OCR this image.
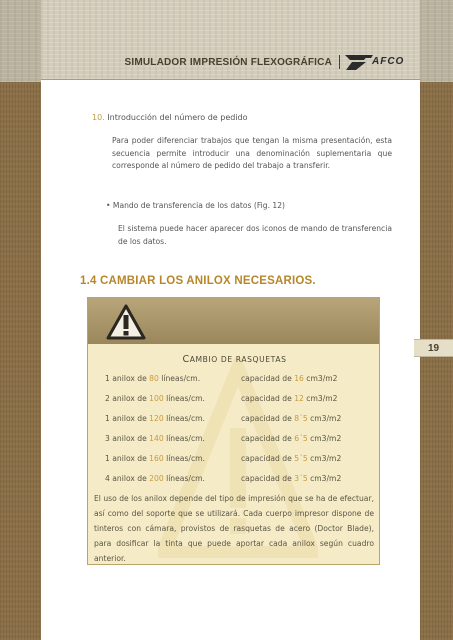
SIMULADOR IMPRESIÓN FLEXOGRÁFICA	AFCO
10. Introducción del número de pedido

Para poder diferenciar trabajos que tengan la misma presentación, esta secuencia permite introducir una denominación suplementaria que corresponde al número de pedido del trabajo a transferir.

• Mando de transferencia de los datos (Fig. 12)

El sistema puede hacer aparecer dos iconos de mando de transferencia de los datos.

1.4 CAMBIAR LOS ANILOX NECESARIOS.
CAMBIO DE RASQUETAS
1 anilox de 80 líneas/cm.	capacidad de 16 cm3/m2
2 anilox de 100 líneas/cm.	capacidad de 12 cm3/m2
1 anilox de 120 líneas/cm.	capacidad de 8´5 cm3/m2
3 anilox de 140 líneas/cm.	capacidad de 6´5 cm3/m2
1 anilox de 160 líneas/cm.	capacidad de 5´5 cm3/m2
4 anilox de 200 líneas/cm.	capacidad de 3´5 cm3/m2

El uso de los anilox depende del tipo de impresión que se ha de efectuar, así como del soporte que se utilizará. Cada cuerpo impresor dispone de tinteros con cámara, provistos de rasquetas de acero (Doctor Blade), para dosificar la tinta que puede aportar cada anilox según cuadro anterior.

19
